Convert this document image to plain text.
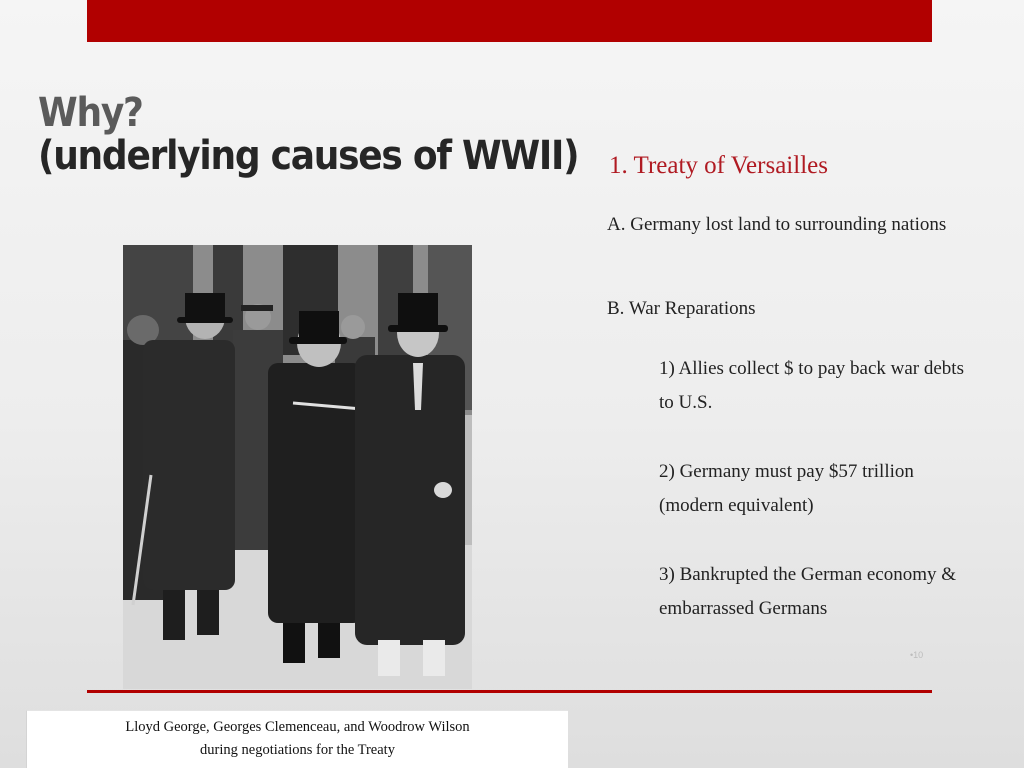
Why?
(underlying causes of WWII) 1. Treaty of Versailles

A. Germany lost land to surrounding nations

B. War Reparations

1) Allies collect $ to pay back war debts to U.S.

2) Germany must pay $57 trillion (modern equivalent)

3) Bankrupted the German economy & embarrassed Germans

•10
Lloyd George, Georges Clemenceau, and Woodrow Wilson
during negotiations for the Treaty
